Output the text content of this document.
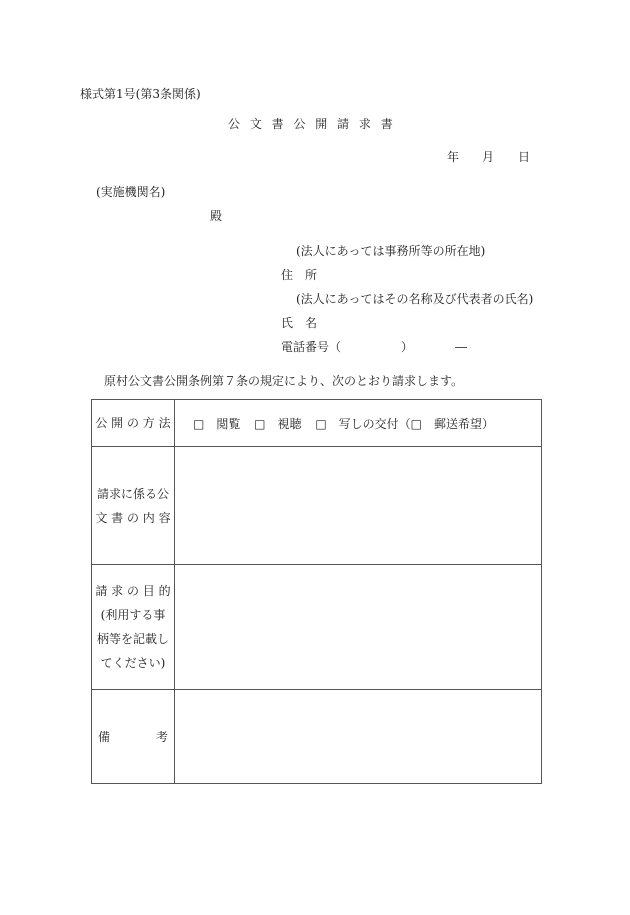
様式第1号(第3条関係)
公 文 書 公 開 請 求 書
年 月 日
(実施機関名)
殿
(法人にあっては事務所等の所在地)
住　所
(法人にあってはその名称及び代表者の氏名)
氏　名
電話番号（　　　　　）　　　　―
原村公文書公開条例第７条の規定により、次のとおり請求します。
公 開 の 方 法	□　閲覧 □　視聴 □　写しの交付（□　郵送希望）

請求に係る公
文 書 の 内 容	

請 求 の 目 的
(利用する事
柄等を記載し
てください)	

備 考	
